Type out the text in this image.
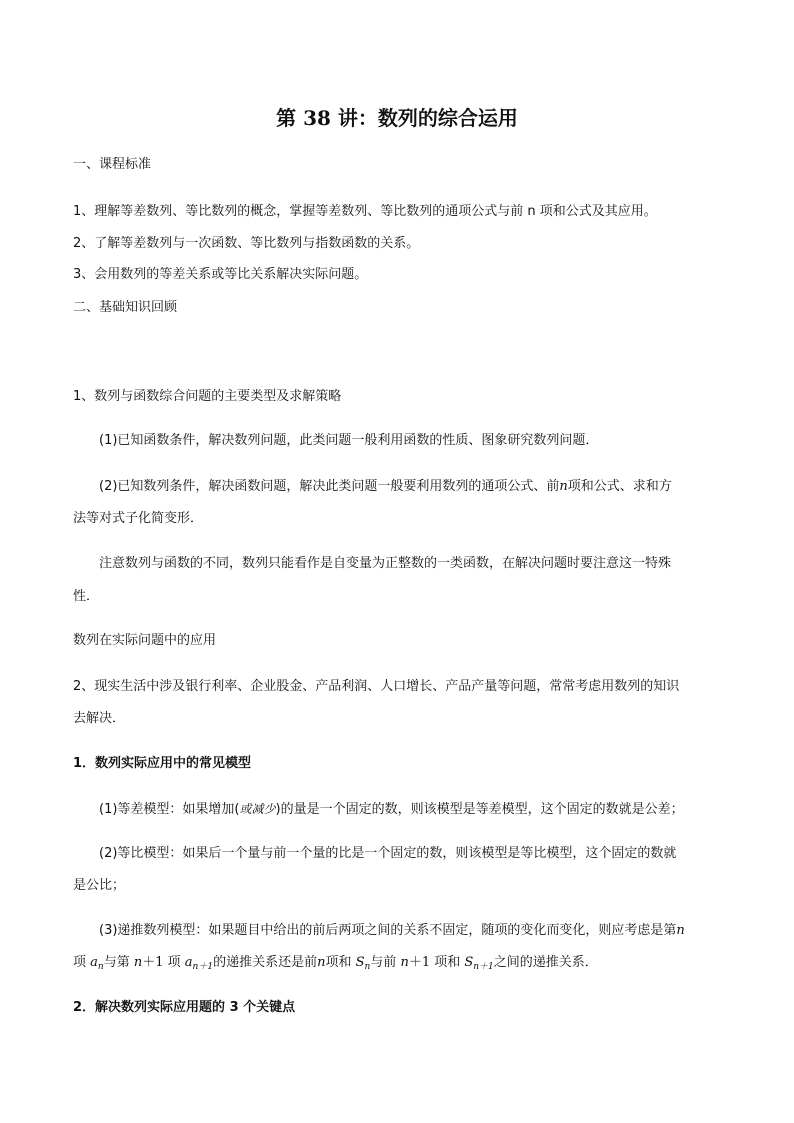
第 38 讲：数列的综合运用
一、课程标准
1、理解等差数列、等比数列的概念，掌握等差数列、等比数列的通项公式与前 n 项和公式及其应用。
2、了解等差数列与一次函数、等比数列与指数函数的关系。
3、会用数列的等差关系或等比关系解决实际问题。
二、基础知识回顾
1、数列与函数综合问题的主要类型及求解策略
(1)已知函数条件，解决数列问题，此类问题一般利用函数的性质、图象研究数列问题．
(2)已知数列条件，解决函数问题，解决此类问题一般要利用数列的通项公式、前n项和公式、求和方
法等对式子化简变形．
注意数列与函数的不同，数列只能看作是自变量为正整数的一类函数，在解决问题时要注意这一特殊
性．
数列在实际问题中的应用
2、现实生活中涉及银行利率、企业股金、产品利润、人口增长、产品产量等问题，常常考虑用数列的知识
去解决．
1．数列实际应用中的常见模型
(1)等差模型：如果增加(或减少)的量是一个固定的数，则该模型是等差模型，这个固定的数就是公差；
(2)等比模型：如果后一个量与前一个量的比是一个固定的数，则该模型是等比模型，这个固定的数就
是公比；
(3)递推数列模型：如果题目中给出的前后两项之间的关系不固定，随项的变化而变化，则应考虑是第n
项 $a_n$与第 n＋1 项 $a_{n+1}$的递推关系还是前n项和 $S_n$与前 n＋1 项和 $S_{n+1}$之间的递推关系．
2．解决数列实际应用题的 3 个关键点
